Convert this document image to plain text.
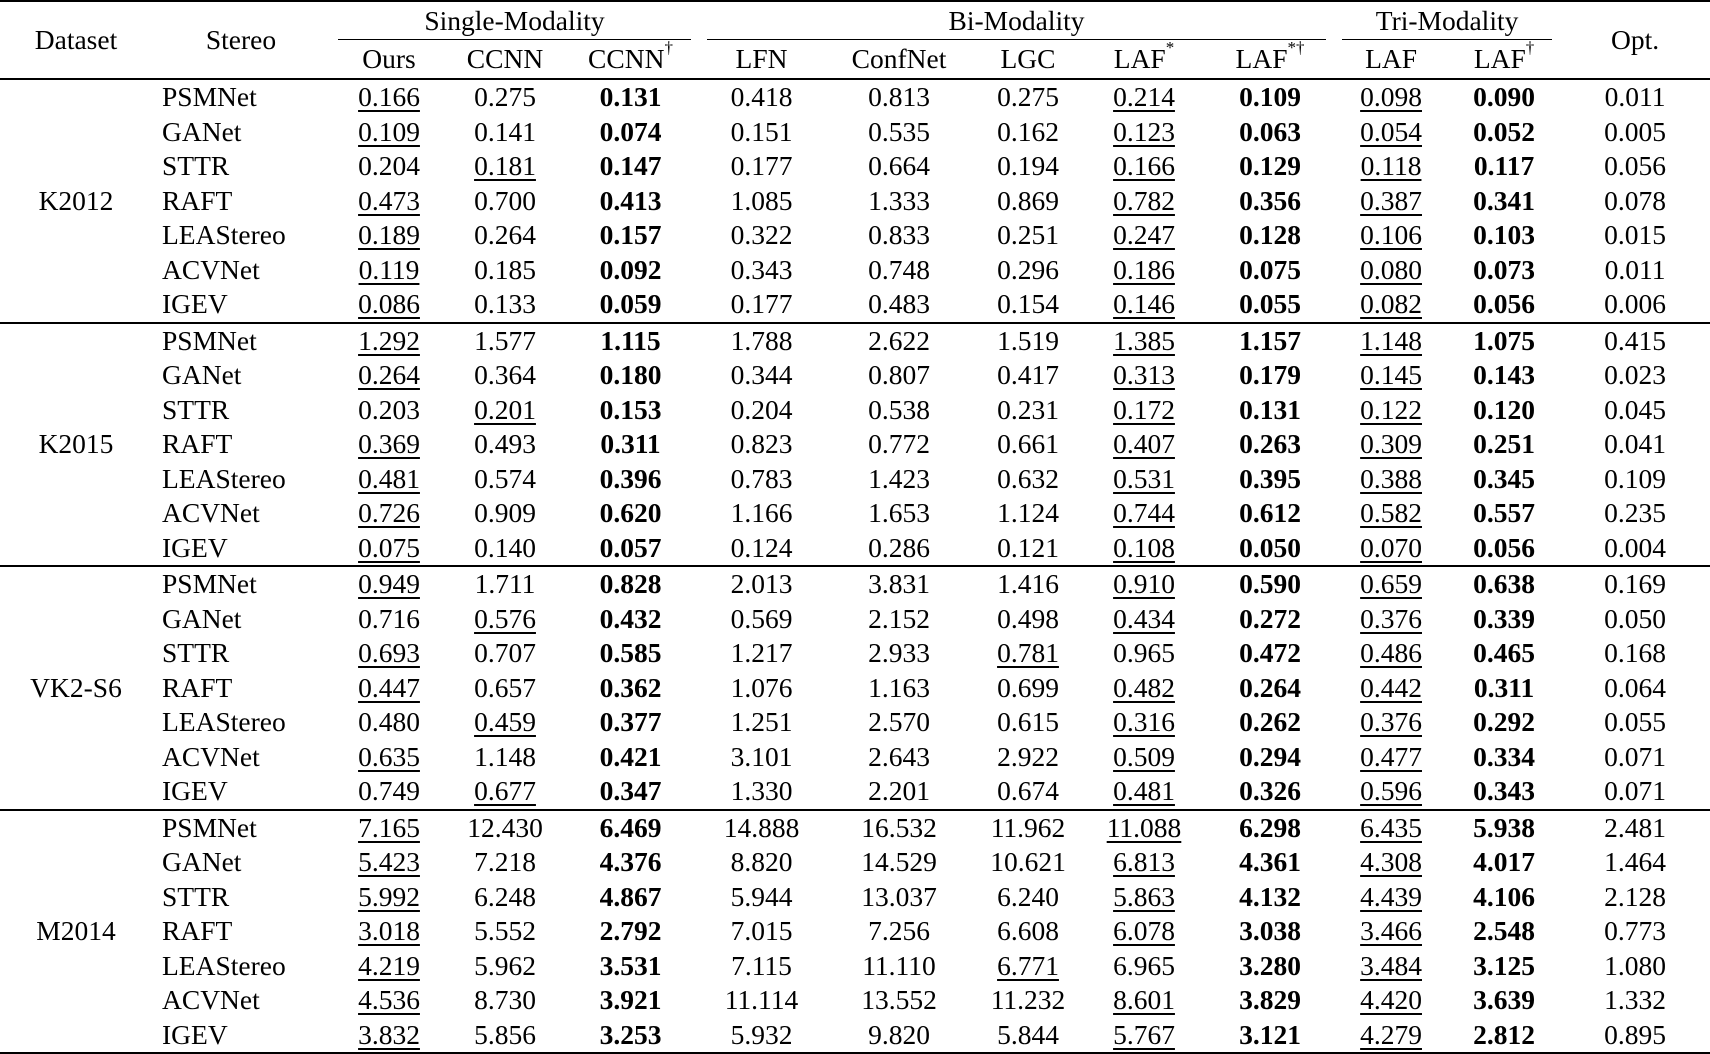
Dataset	Stereo	Single-Modality			Bi-Modality					Tri-Modality		Opt.
		Ours	CCNN	CCNN†	LFN	ConfNet	LGC	LAF*	LAF*†	LAF	LAF†
K2012	PSMNet	0.166	0.275	0.131	0.418	0.813	0.275	0.214	0.109	0.098	0.090	0.011
	GANet	0.109	0.141	0.074	0.151	0.535	0.162	0.123	0.063	0.054	0.052	0.005
	STTR	0.204	0.181	0.147	0.177	0.664	0.194	0.166	0.129	0.118	0.117	0.056
	RAFT	0.473	0.700	0.413	1.085	1.333	0.869	0.782	0.356	0.387	0.341	0.078
	LEAStereo	0.189	0.264	0.157	0.322	0.833	0.251	0.247	0.128	0.106	0.103	0.015
	ACVNet	0.119	0.185	0.092	0.343	0.748	0.296	0.186	0.075	0.080	0.073	0.011
	IGEV	0.086	0.133	0.059	0.177	0.483	0.154	0.146	0.055	0.082	0.056	0.006
K2015	PSMNet	1.292	1.577	1.115	1.788	2.622	1.519	1.385	1.157	1.148	1.075	0.415
	GANet	0.264	0.364	0.180	0.344	0.807	0.417	0.313	0.179	0.145	0.143	0.023
	STTR	0.203	0.201	0.153	0.204	0.538	0.231	0.172	0.131	0.122	0.120	0.045
	RAFT	0.369	0.493	0.311	0.823	0.772	0.661	0.407	0.263	0.309	0.251	0.041
	LEAStereo	0.481	0.574	0.396	0.783	1.423	0.632	0.531	0.395	0.388	0.345	0.109
	ACVNet	0.726	0.909	0.620	1.166	1.653	1.124	0.744	0.612	0.582	0.557	0.235
	IGEV	0.075	0.140	0.057	0.124	0.286	0.121	0.108	0.050	0.070	0.056	0.004
VK2-S6	PSMNet	0.949	1.711	0.828	2.013	3.831	1.416	0.910	0.590	0.659	0.638	0.169
	GANet	0.716	0.576	0.432	0.569	2.152	0.498	0.434	0.272	0.376	0.339	0.050
	STTR	0.693	0.707	0.585	1.217	2.933	0.781	0.965	0.472	0.486	0.465	0.168
	RAFT	0.447	0.657	0.362	1.076	1.163	0.699	0.482	0.264	0.442	0.311	0.064
	LEAStereo	0.480	0.459	0.377	1.251	2.570	0.615	0.316	0.262	0.376	0.292	0.055
	ACVNet	0.635	1.148	0.421	3.101	2.643	2.922	0.509	0.294	0.477	0.334	0.071
	IGEV	0.749	0.677	0.347	1.330	2.201	0.674	0.481	0.326	0.596	0.343	0.071
M2014	PSMNet	7.165	12.430	6.469	14.888	16.532	11.962	11.088	6.298	6.435	5.938	2.481
	GANet	5.423	7.218	4.376	8.820	14.529	10.621	6.813	4.361	4.308	4.017	1.464
	STTR	5.992	6.248	4.867	5.944	13.037	6.240	5.863	4.132	4.439	4.106	2.128
	RAFT	3.018	5.552	2.792	7.015	7.256	6.608	6.078	3.038	3.466	2.548	0.773
	LEAStereo	4.219	5.962	3.531	7.115	11.110	6.771	6.965	3.280	3.484	3.125	1.080
	ACVNet	4.536	8.730	3.921	11.114	13.552	11.232	8.601	3.829	4.420	3.639	1.332
	IGEV	3.832	5.856	3.253	5.932	9.820	5.844	5.767	3.121	4.279	2.812	0.895
